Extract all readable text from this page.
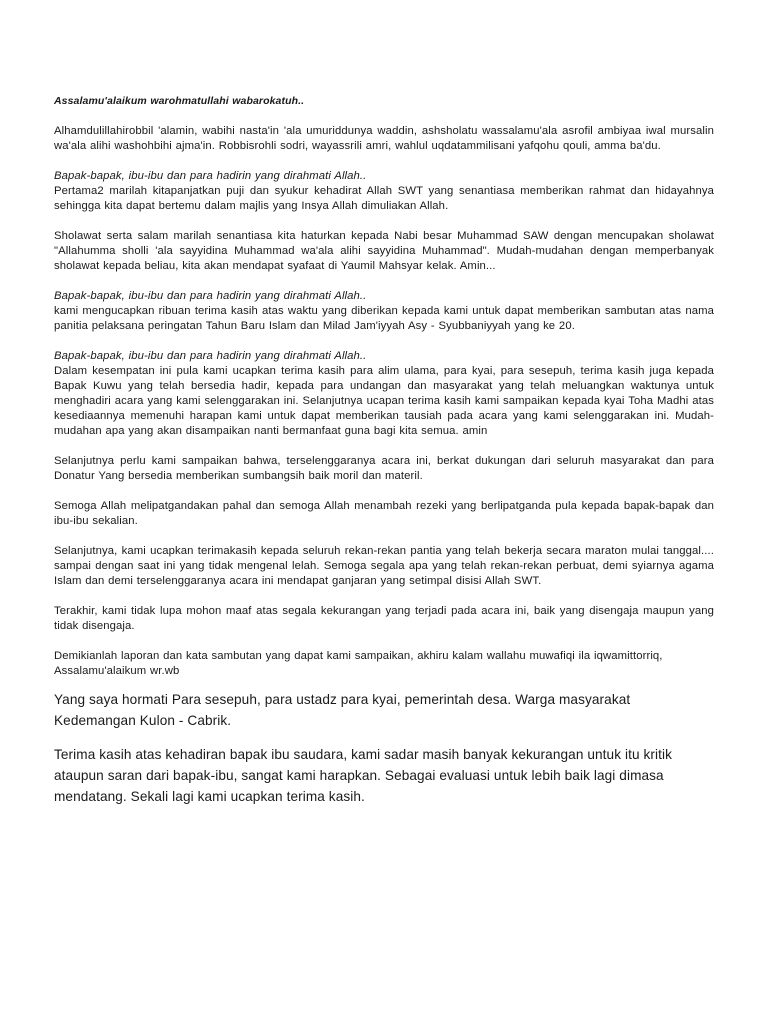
Assalamu'alaikum warohmatullahi wabarokatuh..

Alhamdulillahirobbil 'alamin, wabihi nasta'in 'ala umuriddunya waddin, ashsholatu wassalamu'ala asrofil ambiyaa iwal mursalin wa'ala alihi washohbihi ajma'in. Robbisrohli sodri, wayassrili amri, wahlul uqdatammilisani yafqohu qouli, amma ba'du.

Bapak-bapak, ibu-ibu dan para hadirin yang dirahmati Allah..

Pertama2 marilah kitapanjatkan puji dan syukur kehadirat Allah SWT yang senantiasa memberikan rahmat dan hidayahnya sehingga kita dapat bertemu dalam majlis yang Insya Allah dimuliakan Allah.

Sholawat serta salam marilah senantiasa kita haturkan kepada Nabi besar Muhammad SAW dengan mencupakan sholawat "Allahumma sholli 'ala sayyidina Muhammad wa'ala alihi sayyidina Muhammad". Mudah-mudahan dengan memperbanyak sholawat kepada beliau, kita akan mendapat syafaat di Yaumil Mahsyar kelak. Amin...

Bapak-bapak, ibu-ibu dan para hadirin yang dirahmati Allah..

kami mengucapkan ribuan terima kasih atas waktu yang diberikan kepada kami untuk dapat memberikan sambutan atas nama panitia pelaksana peringatan Tahun Baru Islam dan Milad Jam'iyyah Asy - Syubbaniyyah yang ke 20.

Bapak-bapak, ibu-ibu dan para hadirin yang dirahmati Allah..

Dalam kesempatan ini pula kami ucapkan terima kasih para alim ulama, para kyai, para sesepuh, terima kasih juga kepada Bapak Kuwu yang telah bersedia hadir, kepada para undangan dan masyarakat yang telah meluangkan waktunya untuk menghadiri acara yang kami selenggarakan ini. Selanjutnya ucapan terima kasih kami sampaikan kepada kyai Toha Madhi atas kesediaannya memenuhi harapan kami untuk dapat memberikan tausiah pada acara yang kami selenggarakan ini. Mudah-mudahan apa yang akan disampaikan nanti bermanfaat guna bagi kita semua. amin

Selanjutnya perlu kami sampaikan bahwa, terselenggaranya acara ini, berkat dukungan dari seluruh masyarakat dan para Donatur Yang bersedia memberikan sumbangsih baik moril dan materil.

Semoga Allah melipatgandakan pahal dan semoga Allah menambah rezeki yang berlipatganda pula kepada bapak-bapak dan ibu-ibu sekalian.

Selanjutnya, kami ucapkan terimakasih kepada seluruh rekan-rekan pantia yang telah bekerja secara maraton mulai tanggal.... sampai dengan saat ini yang tidak mengenal lelah. Semoga segala apa yang telah rekan-rekan perbuat, demi syiarnya agama Islam dan demi terselenggaranya acara ini mendapat ganjaran yang setimpal disisi Allah SWT.

Terakhir, kami tidak lupa mohon maaf atas segala kekurangan yang terjadi pada acara ini, baik yang disengaja maupun yang tidak disengaja.

Demikianlah laporan dan kata sambutan yang dapat kami sampaikan, akhiru kalam wallahu muwafiqi ila iqwamittorriq,

Assalamu'alaikum wr.wb

Yang saya hormati Para sesepuh, para ustadz para kyai, pemerintah desa. Warga masyarakat Kedemangan Kulon - Cabrik.

Terima kasih atas kehadiran bapak ibu saudara, kami sadar masih banyak kekurangan untuk itu kritik ataupun saran dari bapak-ibu, sangat kami harapkan. Sebagai evaluasi untuk lebih baik lagi dimasa mendatang. Sekali lagi kami ucapkan terima kasih.
